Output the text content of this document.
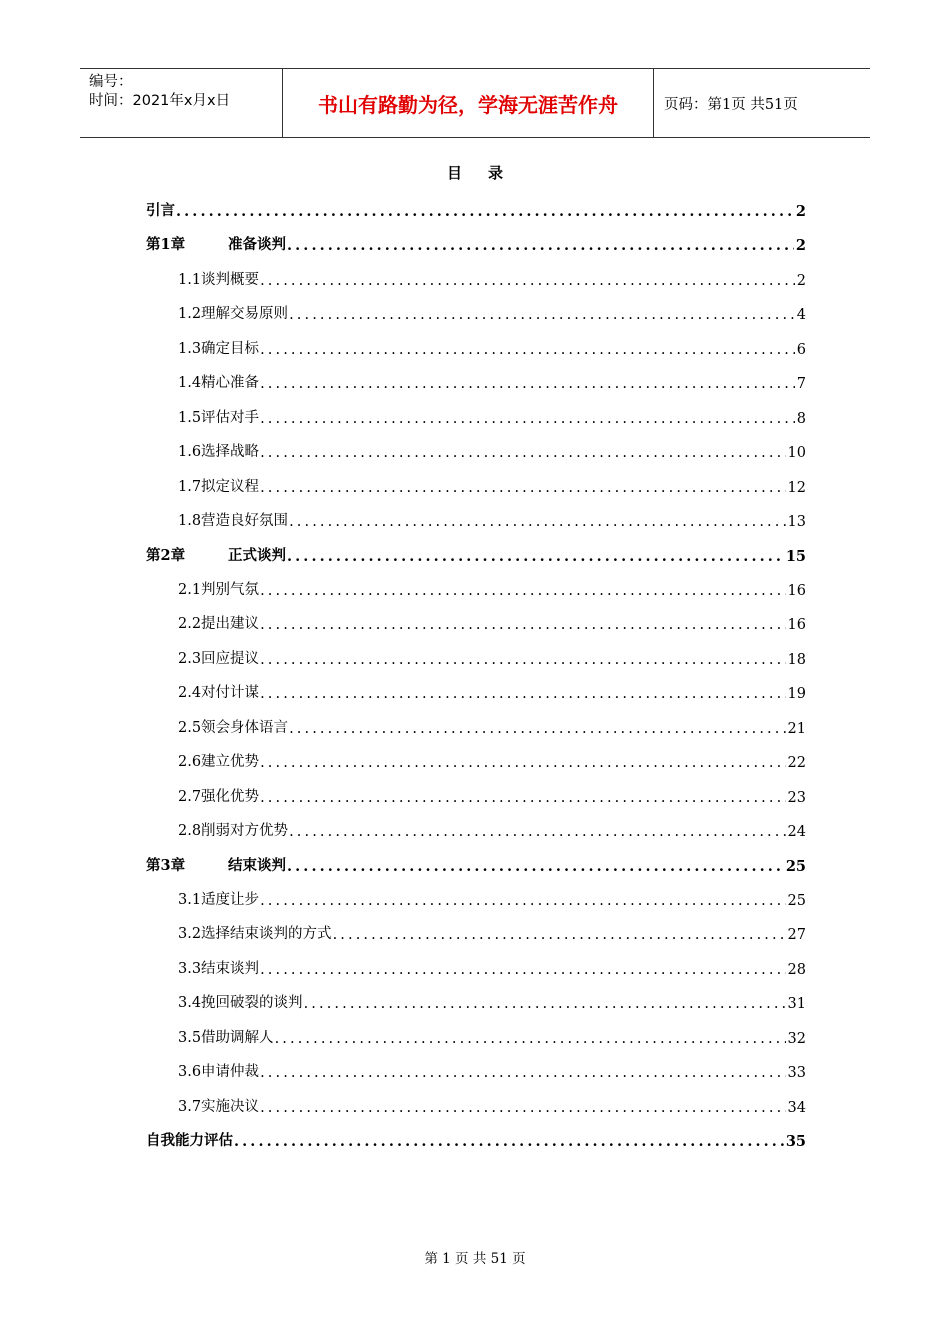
编号：
时间：2021年x月x日	书山有路勤为径，学海无涯苦作舟	页码：第1页 共51页
目 录
引言 .....	2
第1章	准备谈判 .....	2
1.1谈判概要 .....	2
1.2理解交易原则 .....	4
1.3确定目标 .....	6
1.4精心准备 .....	7
1.5评估对手 .....	8
1.6选择战略 .....	10
1.7拟定议程 .....	12
1.8营造良好氛围 .....	13
第2章	正式谈判 .....	15
2.1判别气氛 .....	16
2.2提出建议 .....	16
2.3回应提议 .....	18
2.4对付计谋 .....	19
2.5领会身体语言 .....	21
2.6建立优势 .....	22
2.7强化优势 .....	23
2.8削弱对方优势 .....	24
第3章	结束谈判 .....	25
3.1适度让步 .....	25
3.2选择结束谈判的方式 .....	27
3.3结束谈判 .....	28
3.4挽回破裂的谈判 .....	31
3.5借助调解人 .....	32
3.6申请仲裁 .....	33
3.7实施决议 .....	34
自我能力评估 .....	35
第 1 页 共 51 页
